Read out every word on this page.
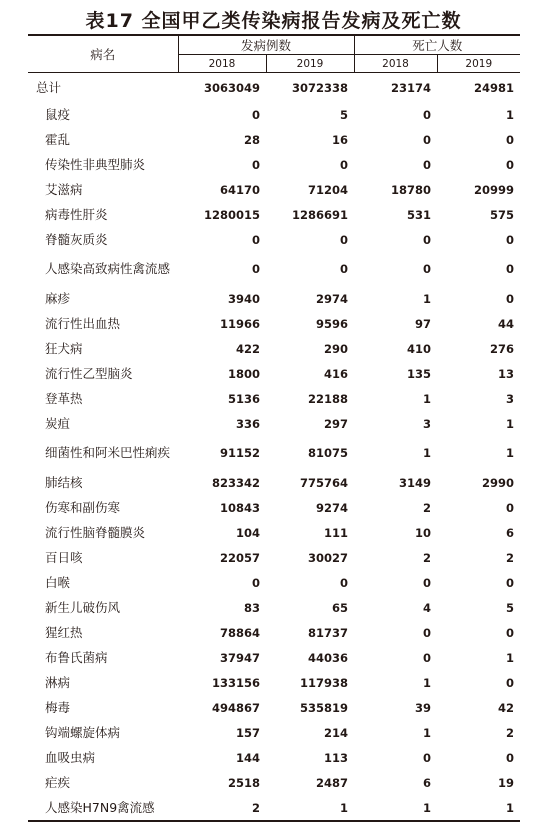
表17 全国甲乙类传染病报告发病及死亡数
病名	发病例数		死亡人数	
	2018	2019	2018	2019
总计	3063049	3072338	23174	24981
鼠疫	0	5	0	1
霍乱	28	16	0	0
传染性非典型肺炎	0	0	0	0
艾滋病	64170	71204	18780	20999
病毒性肝炎	1280015	1286691	531	575
脊髓灰质炎	0	0	0	0
人感染高致病性禽流感	0	0	0	0
麻疹	3940	2974	1	0
流行性出血热	11966	9596	97	44
狂犬病	422	290	410	276
流行性乙型脑炎	1800	416	135	13
登革热	5136	22188	1	3
炭疽	336	297	3	1
细菌性和阿米巴性痢疾	91152	81075	1	1
肺结核	823342	775764	3149	2990
伤寒和副伤寒	10843	9274	2	0
流行性脑脊髓膜炎	104	111	10	6
百日咳	22057	30027	2	2
白喉	0	0	0	0
新生儿破伤风	83	65	4	5
猩红热	78864	81737	0	0
布鲁氏菌病	37947	44036	0	1
淋病	133156	117938	1	0
梅毒	494867	535819	39	42
钩端螺旋体病	157	214	1	2
血吸虫病	144	113	0	0
疟疾	2518	2487	6	19
人感染H7N9禽流感	2	1	1	1
